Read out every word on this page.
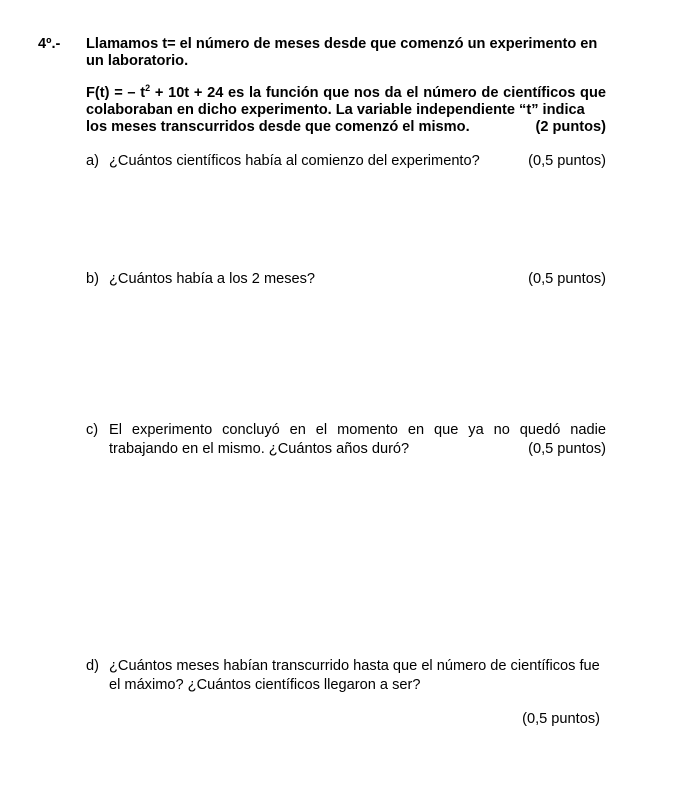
4º.- Llamamos t= el número de meses desde que comenzó un experimento en un laboratorio.
F(t) = – $t^2 + 10t + 24$ es la función que nos da el número de científicos que colaboraban en dicho experimento. La variable independiente “t” indica
los meses transcurridos desde que comenzó el mismo.	(2 puntos)
a) ¿Cuántos científicos había al comienzo del experimento?	(0,5 puntos)
b) ¿Cuántos había a los 2 meses?	(0,5 puntos)
c) El experimento concluyó en el momento en que ya no quedó nadie
trabajando en el mismo. ¿Cuántos años duró?	(0,5 puntos)
d) ¿Cuántos meses habían transcurrido hasta que el número de científicos fue
el máximo? ¿Cuántos científicos llegaron a ser?
(0,5 puntos)
